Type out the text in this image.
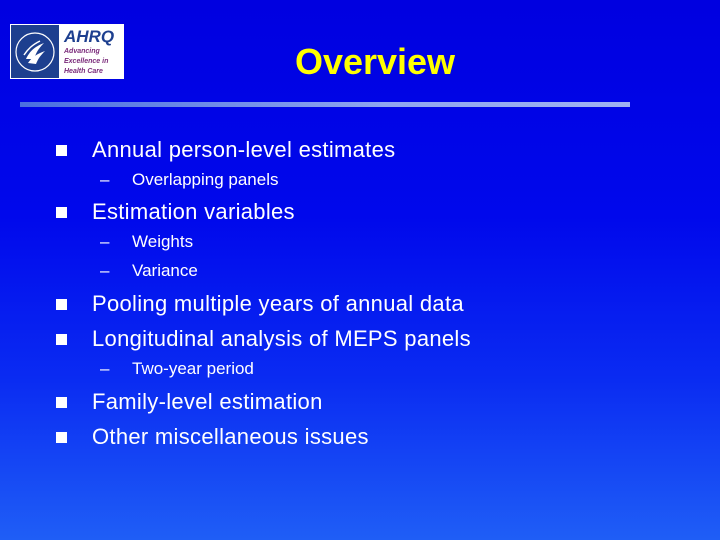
AHRQ
Advancing
Excellence in
Health Care	Overview
Annual person-level estimates
–	Overlapping panels
Estimation variables
–	Weights
–	Variance
Pooling multiple years of annual data
Longitudinal analysis of MEPS panels
–	Two-year period
Family-level estimation
Other miscellaneous issues
